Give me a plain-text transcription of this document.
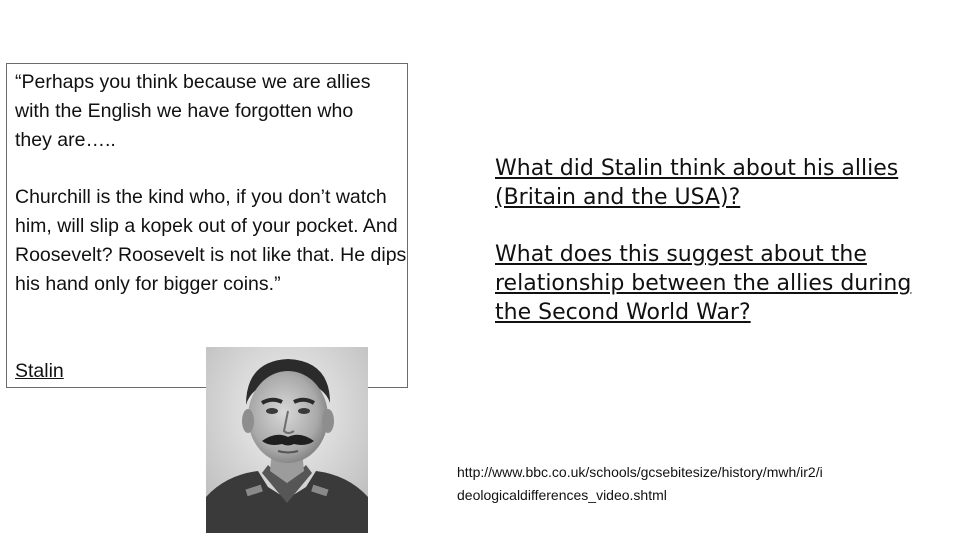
“Perhaps you think because we are allies with the English we have forgotten who they are…..

Churchill is the kind who, if you don’t watch him, will slip a kopek out of your pocket. And Roosevelt? Roosevelt is not like that. He dips his hand only for bigger coins.”

Stalin

What did Stalin think about his allies (Britain and the USA)?

What does this suggest about the relationship between the allies during the Second World War?

http://www.bbc.co.uk/schools/gcsebitesize/history/mwh/ir2/i
deologicaldifferences_video.shtml
